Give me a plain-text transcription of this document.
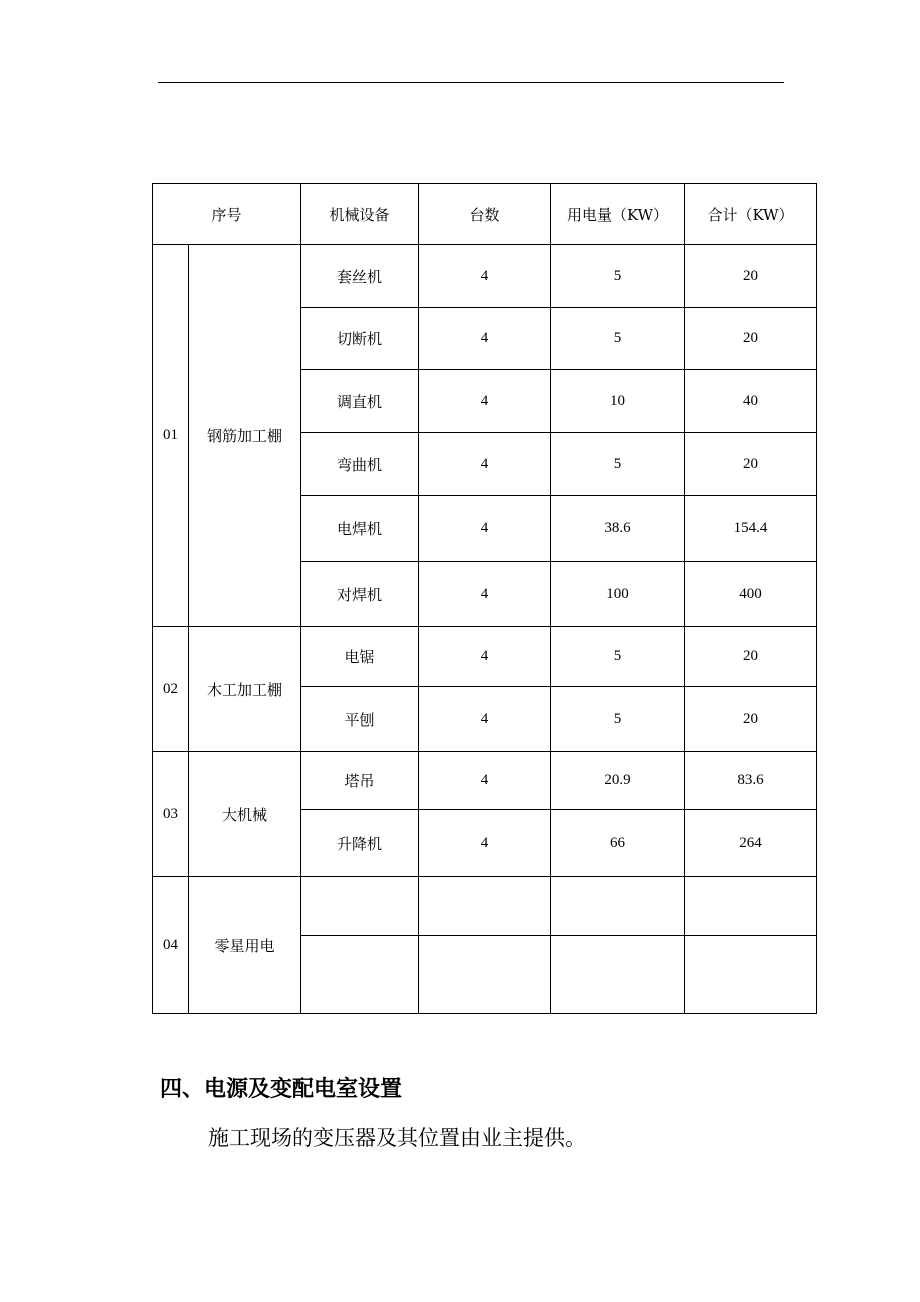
序号		机械设备	台数	用电量（KW）	合计（KW）
01	钢筋加工棚	套丝机	4	5	20
		切断机	4	5	20
		调直机	4	10	40
		弯曲机	4	5	20
		电焊机	4	38.6	154.4
		对焊机	4	100	400
02	木工加工棚	电锯	4	5	20
		平刨	4	5	20
03	大机械	塔吊	4	20.9	83.6
		升降机	4	66	264
04	零星用电				

四、电源及变配电室设置

施工现场的变压器及其位置由业主提供。
